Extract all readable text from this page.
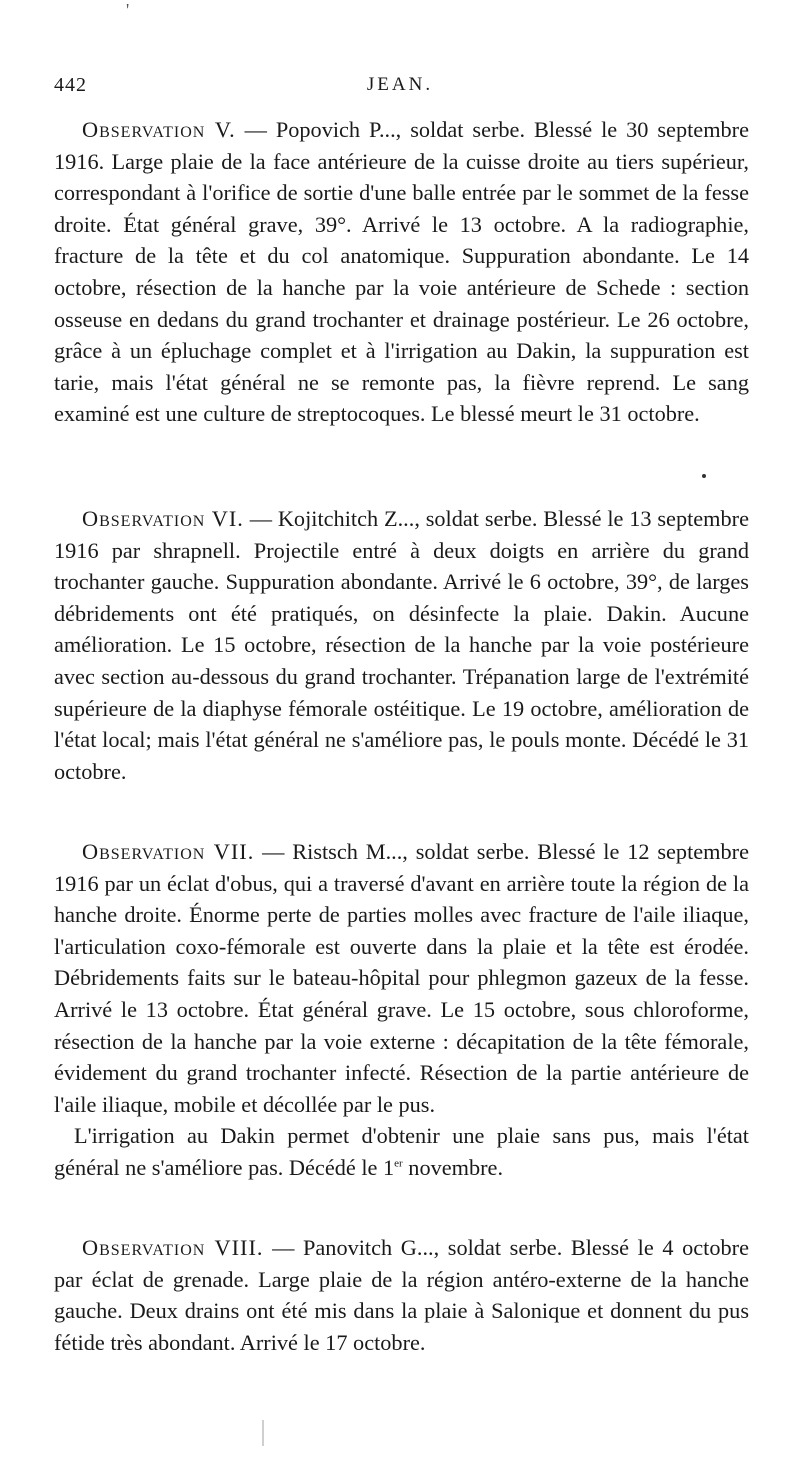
'
442	JEAN.

Observation V. — Popovich P..., soldat serbe. Blessé le 30 septembre 1916. Large plaie de la face antérieure de la cuisse droite au tiers supérieur, correspondant à l'orifice de sortie d'une balle entrée par le sommet de la fesse droite. État général grave, 39°. Arrivé le 13 octobre. A la radiographie, fracture de la tête et du col anatomique. Suppuration abondante. Le 14 octobre, résection de la hanche par la voie antérieure de Schede : section osseuse en dedans du grand trochanter et drainage postérieur. Le 26 octobre, grâce à un épluchage complet et à l'irrigation au Dakin, la suppuration est tarie, mais l'état général ne se remonte pas, la fièvre reprend. Le sang examiné est une culture de streptocoques. Le blessé meurt le 31 octobre.

Observation VI. — Kojitchitch Z..., soldat serbe. Blessé le 13 septembre 1916 par shrapnell. Projectile entré à deux doigts en arrière du grand trochanter gauche. Suppuration abondante. Arrivé le 6 octobre, 39°, de larges débridements ont été pratiqués, on désinfecte la plaie. Dakin. Aucune amélioration. Le 15 octobre, résection de la hanche par la voie postérieure avec section au-dessous du grand trochanter. Trépanation large de l'extrémité supérieure de la diaphyse fémorale ostéitique. Le 19 octobre, amélioration de l'état local; mais l'état général ne s'améliore pas, le pouls monte. Décédé le 31 octobre.

Observation VII. — Ristsch M..., soldat serbe. Blessé le 12 septembre 1916 par un éclat d'obus, qui a traversé d'avant en arrière toute la région de la hanche droite. Énorme perte de parties molles avec fracture de l'aile iliaque, l'articulation coxo-fémorale est ouverte dans la plaie et la tête est érodée. Débridements faits sur le bateau-hôpital pour phlegmon gazeux de la fesse. Arrivé le 13 octobre. État général grave. Le 15 octobre, sous chloroforme, résection de la hanche par la voie externe : décapitation de la tête fémorale, évidement du grand trochanter infecté. Résection de la partie antérieure de l'aile iliaque, mobile et décollée par le pus.

L'irrigation au Dakin permet d'obtenir une plaie sans pus, mais l'état général ne s'améliore pas. Décédé le 1er novembre.

Observation VIII. — Panovitch G..., soldat serbe. Blessé le 4 octobre par éclat de grenade. Large plaie de la région antéro-externe de la hanche gauche. Deux drains ont été mis dans la plaie à Salonique et donnent du pus fétide très abondant. Arrivé le 17 octobre.
